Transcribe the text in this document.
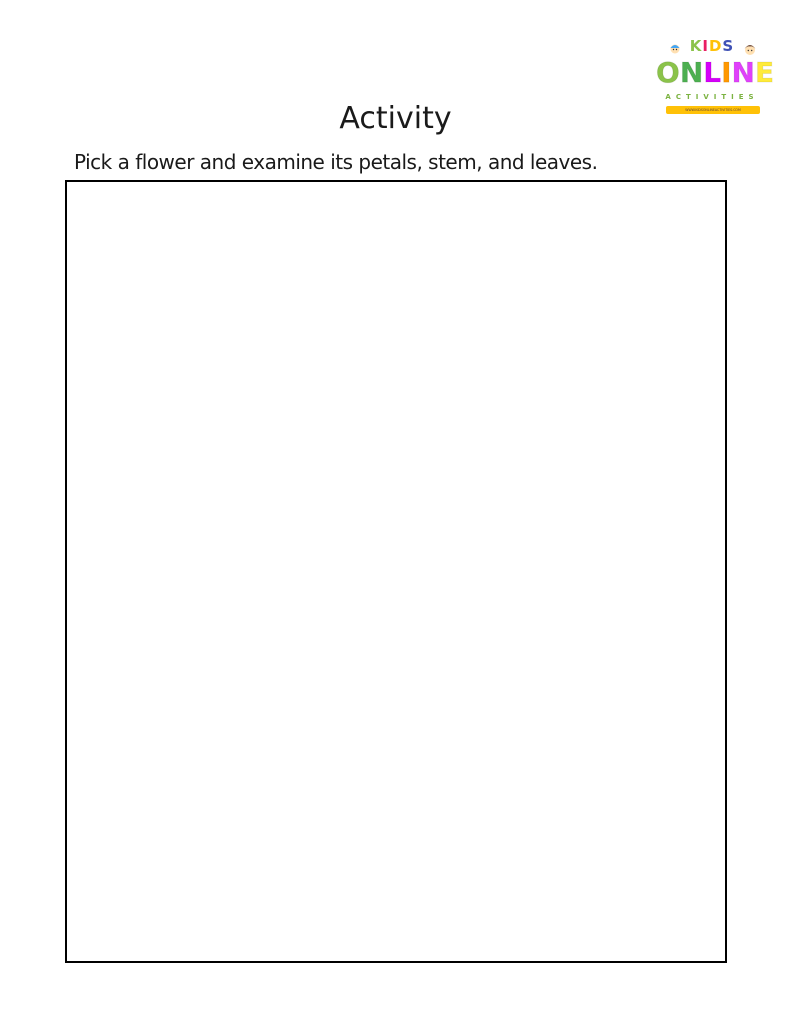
KIDS
ONLINE
ACTIVITIES
WWW.KIDSONLINEACTIVITIES.COM
Activity

Pick a flower and examine its petals, stem, and leaves.
